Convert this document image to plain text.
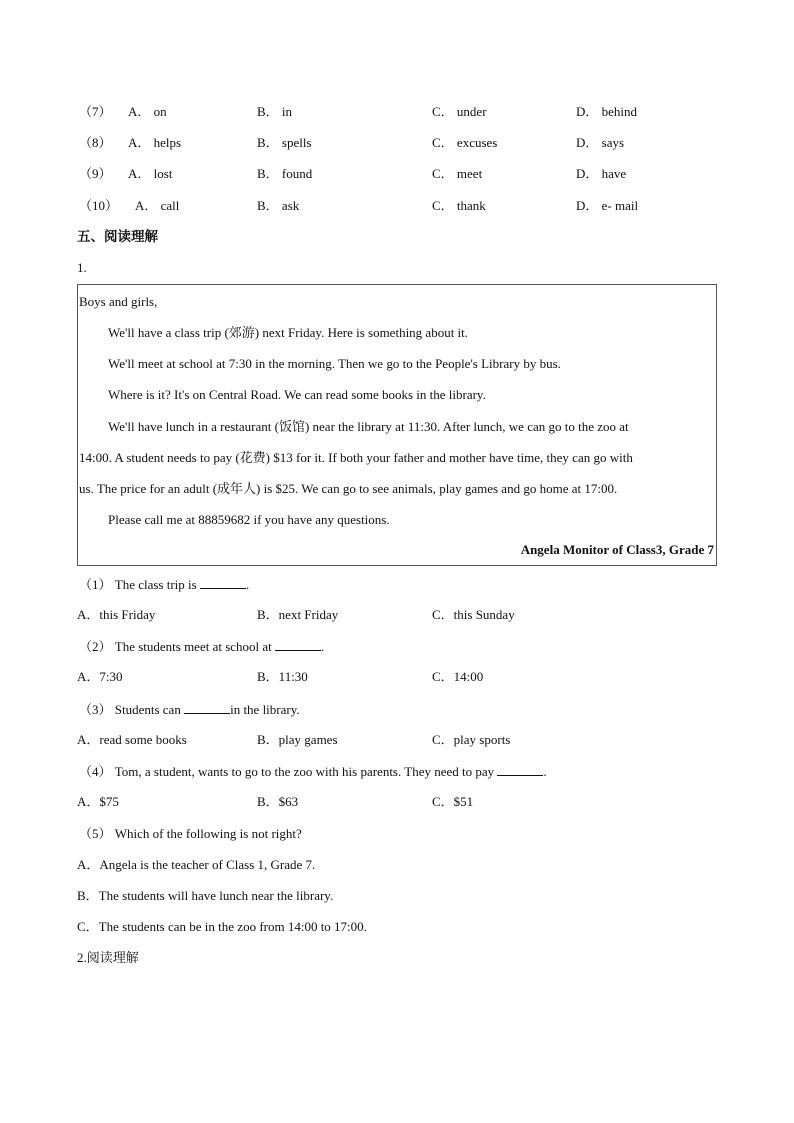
（7） A． on	B． in	C． under	D． behind
（8） A． helps	B． spells	C． excuses	D． says
（9） A． lost	B． found	C． meet	D． have
（10） A． call	B． ask	C． thank	D． e- mail
五、阅读理解
1.
Boys and girls,
We'll have a class trip (郊游) next Friday. Here is something about it.
We'll meet at school at 7:30 in the morning. Then we go to the People's Library by bus.
Where is it? It's on Central Road. We can read some books in the library.
We'll have lunch in a restaurant (饭馆) near the library at 11:30. After lunch, we can go to the zoo at
14:00. A student needs to pay (花费) $13 for it. If both your father and mother have time, they can go with
us. The price for an adult (成年人) is $25. We can go to see animals, play games and go home at 17:00.
Please call me at 88859682 if you have any questions.
Angela Monitor of Class3, Grade 7
（1） The class trip is	.
A．this Friday	B．next Friday	C．this Sunday
（2） The students meet at school at	.
A．7:30	B．11:30	C．14:00
（3） Students can	in the library.
A．read some books	B．play games	C．play sports
（4） Tom, a student, wants to go to the zoo with his parents. They need to pay	.
A．$75	B．$63	C．$51
（5） Which of the following is not right?
A．Angela is the teacher of Class 1, Grade 7.
B．The students will have lunch near the library.
C．The students can be in the zoo from 14:00 to 17:00.
2.阅读理解
